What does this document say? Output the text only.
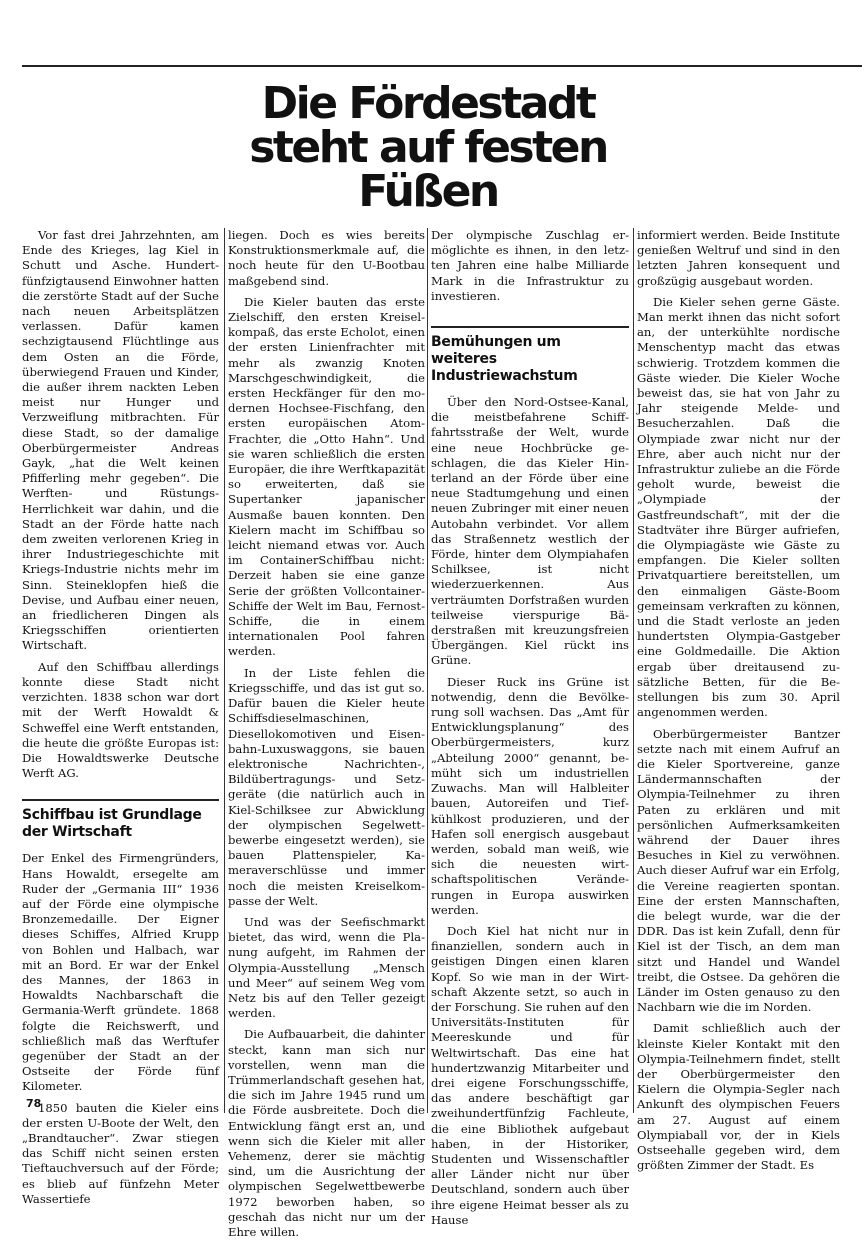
Die Fördestadt
steht auf festen
Füßen

Vor fast drei Jahrzehnten, am Ende des Krieges, lag Kiel in Schutt und Asche. Hundertfünfzigtausend Einwohner hatten die zerstörte Stadt auf der Suche nach neuen Arbeitsplätzen verlassen. Dafür kamen sechzigtausend Flüchtlinge aus dem Osten an die Förde, überwiegend Frauen und Kinder, die außer ihrem nackten Leben meist nur Hunger und Verzweiflung mitbrachten. Für diese Stadt, so der damalige Oberbürgermeister Andreas Gayk, „hat die Welt keinen Pfifferling mehr gegeben“. Die Werften- und Rüstungs-Herrlichkeit war dahin, und die Stadt an der Förde hatte nach dem zweiten verlorenen Krieg in ihrer Industriegeschichte mit Kriegs-Industrie nichts mehr im Sinn. Steineklopfen hieß die Devise, und Aufbau einer neuen, an friedlicheren Dingen als Kriegsschiffen orientierten Wirtschaft.

Auf den Schiffbau allerdings konnte diese Stadt nicht verzichten. 1838 schon war dort mit der Werft Howaldt & Schweffel eine Werft entstanden, die heute die größte Europas ist: Die Howaldtswerke Deutsche Werft AG.

Schiffbau ist Grundlage der Wirtschaft

Der Enkel des Firmengründers, Hans Howaldt, ersegelte am Ruder der „Germania III“ 1936 auf der Förde eine olympische Bronzemedaille. Der Eigner dieses Schiffes, Alfried Krupp von Bohlen und Halbach, war mit an Bord. Er war der Enkel des Mannes, der 1863 in Howaldts Nachbarschaft die Germania-Werft gründete. 1868 folgte die Reichswerft, und schließlich maß das Werftufer gegenüber der Stadt an der Ostseite der Förde fünf Kilometer.

1850 bauten die Kieler eins der ersten U-Boote der Welt, den „Brandtaucher“. Zwar stiegen das Schiff nicht seinen ersten Tieftauchversuch auf der Förde; es blieb auf fünfzehn Meter Wassertiefe

liegen. Doch es wies bereits Konstruktionsmerkmale auf, die noch heute für den U-Bootbau maßgebend sind.

Die Kieler bauten das erste Zielschiff, den ersten Kreiselkompaß, das erste Echolot, einen der ersten Linienfrachter mit mehr als zwanzig Knoten Marschgeschwindigkeit, die ersten Heckfänger für den modernen Hochsee-Fischfang, den ersten europäischen AtomFrachter, die „Otto Hahn“. Und sie waren schließlich die ersten Europäer, die ihre Werftkapazität so erweiterten, daß sie Supertanker japanischer Ausmaße bauen konnten. Den Kielern macht im Schiffbau so leicht niemand etwas vor. Auch im ContainerSchiffbau nicht: Derzeit haben sie eine ganze Serie der größten Vollcontainer-Schiffe der Welt im Bau, Fernost-Schiffe, die in einem internationalen Pool fahren werden.

In der Liste fehlen die Kriegsschiffe, und das ist gut so. Dafür bauen die Kieler heute Schiffsdieselmaschinen, Diesellokomotiven und Eisenbahn-Luxuswaggons, sie bauen elektronische Nachrichten-, Bildübertragungs- und Setzgeräte (die natürlich auch in Kiel-Schilksee zur Abwicklung der olympischen Segelwettbewerbe eingesetzt werden), sie bauen Plattenspieler, Kameraverschlüsse und immer noch die meisten Kreiselkompasse der Welt.

Und was der Seefischmarkt bietet, das wird, wenn die Planung aufgeht, im Rahmen der Olympia-Ausstellung „Mensch und Meer“ auf seinem Weg vom Netz bis auf den Teller gezeigt werden.

Die Aufbauarbeit, die dahinter steckt, kann man sich nur vorstellen, wenn man die Trümmerlandschaft gesehen hat, die sich im Jahre 1945 rund um die Förde ausbreitete. Doch die Entwicklung fängt erst an, und wenn sich die Kieler mit aller Vehemenz, derer sie mächtig sind, um die Ausrichtung der olympischen Segelwettbewerbe 1972 beworben haben, so geschah das nicht nur um der Ehre willen.

Der olympische Zuschlag ermöglichte es ihnen, in den letzten Jahren eine halbe Milliarde Mark in die Infrastruktur zu investieren.

Bemühungen um weiteres Industriewachstum

Über den Nord-Ostsee-Kanal, die meistbefahrene Schifffahrtsstraße der Welt, wurde eine neue Hochbrücke geschlagen, die das Kieler Hinterland an der Förde über eine neue Stadtumgehung und einen neuen Zubringer mit einer neuen Autobahn verbindet. Vor allem das Straßennetz westlich der Förde, hinter dem Olympiahafen Schilksee, ist nicht wiederzuerkennen. Aus verträumten Dorfstraßen wurden teilweise vierspurige Bäderstraßen mit kreuzungsfreien Übergängen. Kiel rückt ins Grüne.

Dieser Ruck ins Grüne ist notwendig, denn die Bevölkerung soll wachsen. Das „Amt für Entwicklungsplanung“ des Oberbürgermeisters, kurz „Abteilung 2000“ genannt, bemüht sich um industriellen Zuwachs. Man will Halbleiter bauen, Autoreifen und Tiefkühlkost produzieren, und der Hafen soll energisch ausgebaut werden, sobald man weiß, wie sich die neuesten wirtschaftspolitischen Veränderungen in Europa auswirken werden.

Doch Kiel hat nicht nur in finanziellen, sondern auch in geistigen Dingen einen klaren Kopf. So wie man in der Wirtschaft Akzente setzt, so auch in der Forschung. Sie ruhen auf den Universitäts-Instituten für Meereskunde und für Weltwirtschaft. Das eine hat hundertzwanzig Mitarbeiter und drei eigene Forschungsschiffe, das andere beschäftigt gar zweihundertfünfzig Fachleute, die eine Bibliothek aufgebaut haben, in der Historiker, Studenten und Wissenschaftler aller Länder nicht nur über Deutschland, sondern auch über ihre eigene Heimat besser als zu Hause

informiert werden. Beide Institute genießen Weltruf und sind in den letzten Jahren konsequent und großzügig ausgebaut worden.

Die Kieler sehen gerne Gäste. Man merkt ihnen das nicht sofort an, der unterkühlte nordische Menschentyp macht das etwas schwierig. Trotzdem kommen die Gäste wieder. Die Kieler Woche beweist das, sie hat von Jahr zu Jahr steigende Melde- und Besucherzahlen. Daß die Olympiade zwar nicht nur der Ehre, aber auch nicht nur der Infrastruktur zuliebe an die Förde geholt wurde, beweist die „Olympiade der Gastfreundschaft“, mit der die Stadtväter ihre Bürger aufriefen, die Olympiagäste wie Gäste zu empfangen. Die Kieler sollten Privatquartiere bereitstellen, um den einmaligen Gäste-Boom gemeinsam verkraften zu können, und die Stadt verloste an jeden hundertsten Olympia-Gastgeber eine Goldmedaille. Die Aktion ergab über dreitausend zusätzliche Betten, für die Bestellungen bis zum 30. April angenommen werden.

Oberbürgermeister Bantzer setzte nach mit einem Aufruf an die Kieler Sportvereine, ganze Ländermannschaften der Olympia-Teilnehmer zu ihren Paten zu erklären und mit persönlichen Aufmerksamkeiten während der Dauer ihres Besuches in Kiel zu verwöhnen. Auch dieser Aufruf war ein Erfolg, die Vereine reagierten spontan. Eine der ersten Mannschaften, die belegt wurde, war die der DDR. Das ist kein Zufall, denn für Kiel ist der Tisch, an dem man sitzt und Handel und Wandel treibt, die Ostsee. Da gehören die Länder im Osten genauso zu den Nachbarn wie die im Norden.

Damit schließlich auch der kleinste Kieler Kontakt mit den Olympia-Teilnehmern findet, stellt der Oberbürgermeister den Kielern die Olympia-Segler nach Ankunft des olympischen Feuers am 27. August auf einem Olympiaball vor, der in Kiels Ostseehalle gegeben wird, dem größten Zimmer der Stadt. Es

78
